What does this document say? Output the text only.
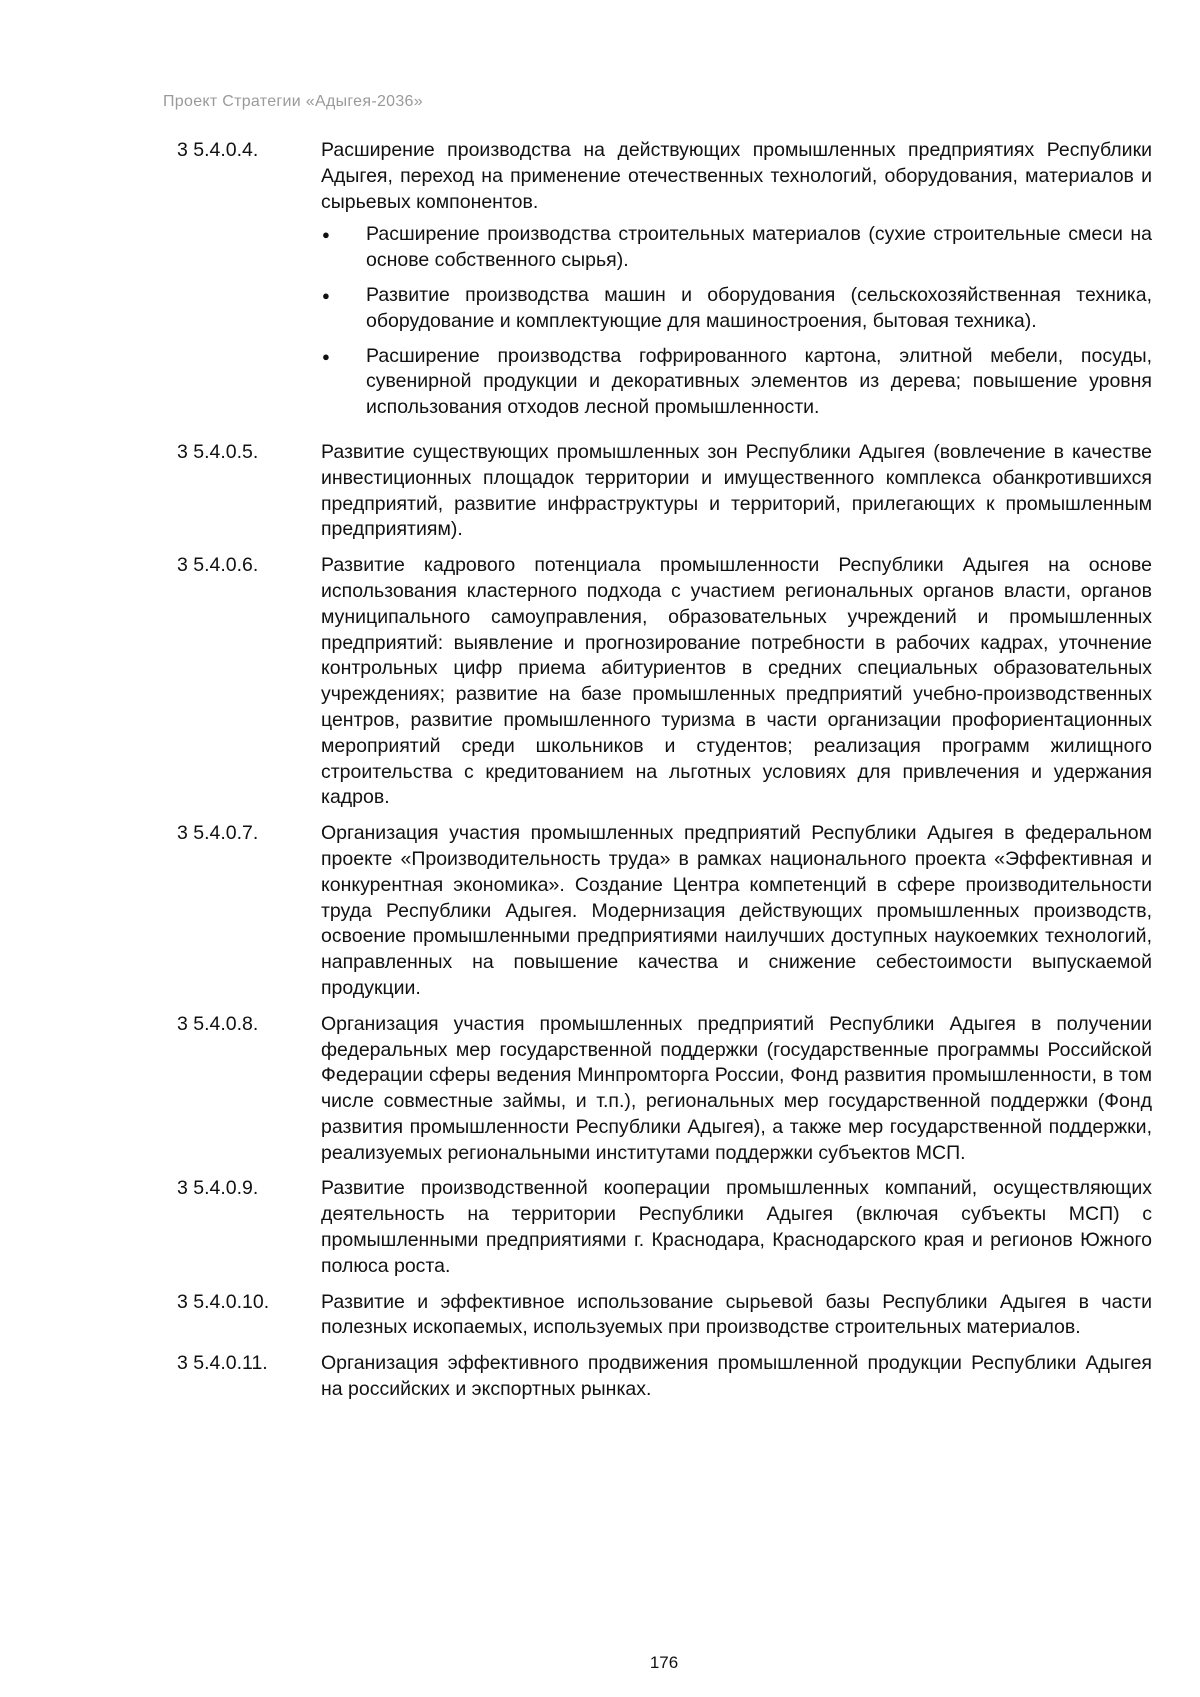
Проект Стратегии «Адыгея-2036»
3 5.4.0.4.	Расширение производства на действующих промышленных предприятиях Республики Адыгея, переход на применение отечественных технологий, оборудования, материалов и сырьевых компонентов.

●	Расширение производства строительных материалов (сухие строительные смеси на основе собственного сырья).
●	Развитие производства машин и оборудования (сельскохозяйственная техника, оборудование и комплектующие для машиностроения, бытовая техника).
●	Расширение производства гофрированного картона, элитной мебели, посуды, сувенирной продукции и декоративных элементов из дерева; повышение уровня использования отходов лесной промышленности.
3 5.4.0.5.	Развитие существующих промышленных зон Республики Адыгея (вовлечение в качестве инвестиционных площадок территории и имущественного комплекса обанкротившихся предприятий, развитие инфраструктуры и территорий, прилегающих к промышленным предприятиям).

3 5.4.0.6.	Развитие кадрового потенциала промышленности Республики Адыгея на основе использования кластерного подхода с участием региональных органов власти, органов муниципального самоуправления, образовательных учреждений и промышленных предприятий: выявление и прогнозирование потребности в рабочих кадрах, уточнение контрольных цифр приема абитуриентов в средних специальных образовательных учреждениях; развитие на базе промышленных предприятий учебно-производственных центров, развитие промышленного туризма в части организации профориентационных мероприятий среди школьников и студентов; реализация программ жилищного строительства с кредитованием на льготных условиях для привлечения и удержания кадров.

3 5.4.0.7.	Организация участия промышленных предприятий Республики Адыгея в федеральном проекте «Производительность труда» в рамках национального проекта «Эффективная и конкурентная экономика». Создание Центра компетенций в сфере производительности труда Республики Адыгея. Модернизация действующих промышленных производств, освоение промышленными предприятиями наилучших доступных наукоемких технологий, направленных на повышение качества и снижение себестоимости выпускаемой продукции.

3 5.4.0.8.	Организация участия промышленных предприятий Республики Адыгея в получении федеральных мер государственной поддержки (государственные программы Российской Федерации сферы ведения Минпромторга России, Фонд развития промышленности, в том числе совместные займы, и т.п.), региональных мер государственной поддержки (Фонд развития промышленности Республики Адыгея), а также мер государственной поддержки, реализуемых региональными институтами поддержки субъектов МСП.

3 5.4.0.9.	Развитие производственной кооперации промышленных компаний, осуществляющих деятельность на территории Республики Адыгея (включая субъекты МСП) с промышленными предприятиями г. Краснодара, Краснодарского края и регионов Южного полюса роста.

3 5.4.0.10.	Развитие и эффективное использование сырьевой базы Республики Адыгея в части полезных ископаемых, используемых при производстве строительных материалов.

3 5.4.0.11.	Организация эффективного продвижения промышленной продукции Республики Адыгея на российских и экспортных рынках.

176
